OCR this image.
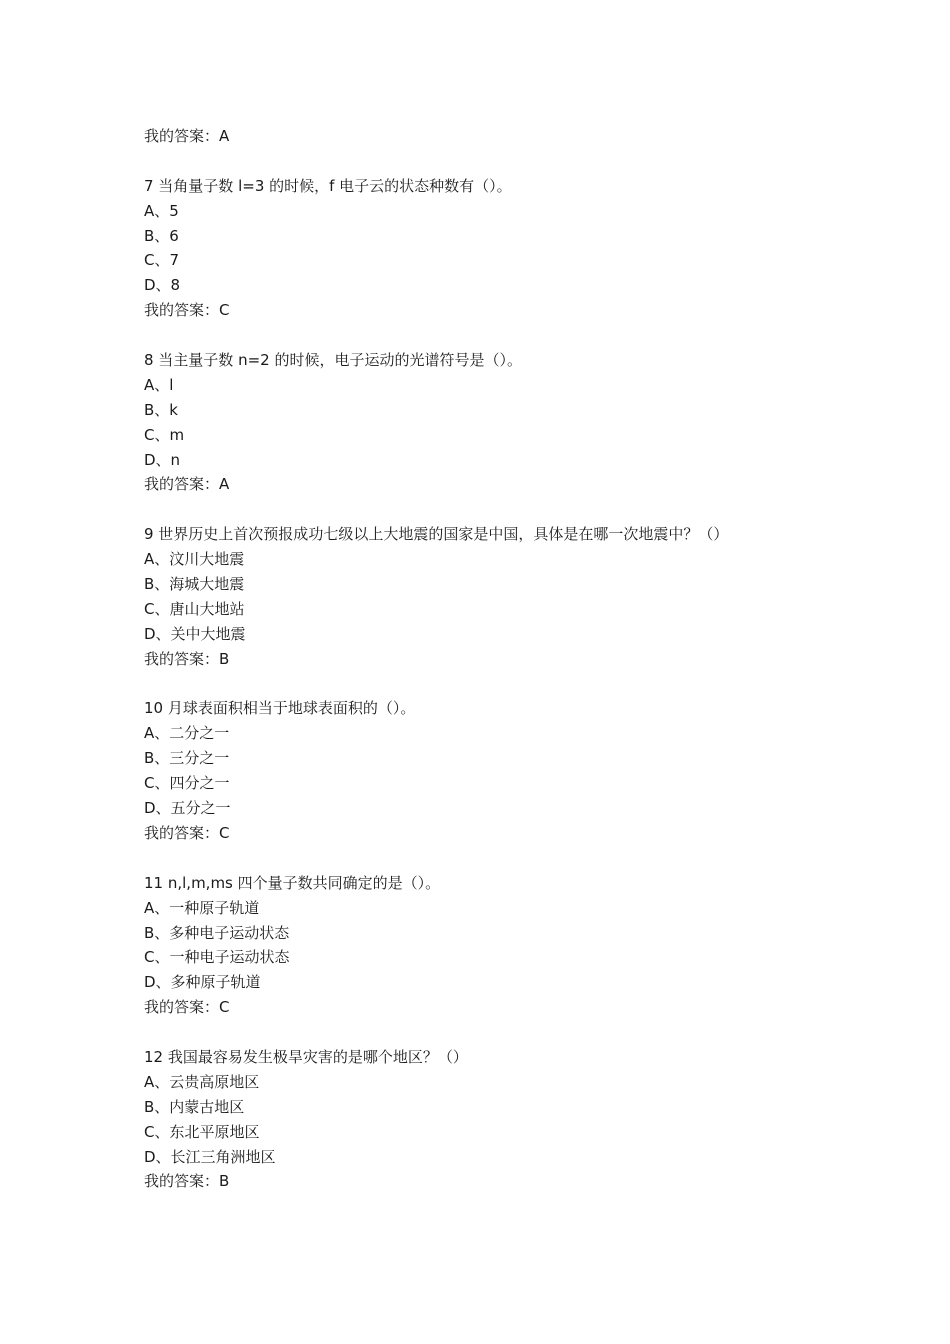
我的答案：A
7 当角量子数 l=3 的时候，f 电子云的状态种数有（）。
A、5
B、6
C、7
D、8
我的答案：C
8 当主量子数 n=2 的时候，电子运动的光谱符号是（）。
A、l
B、k
C、m
D、n
我的答案：A
9 世界历史上首次预报成功七级以上大地震的国家是中国，具体是在哪一次地震中？（）
A、汶川大地震
B、海城大地震
C、唐山大地站
D、关中大地震
我的答案：B
10 月球表面积相当于地球表面积的（）。
A、二分之一
B、三分之一
C、四分之一
D、五分之一
我的答案：C
11 n,l,m,ms 四个量子数共同确定的是（）。
A、一种原子轨道
B、多种电子运动状态
C、一种电子运动状态
D、多种原子轨道
我的答案：C
12 我国最容易发生极旱灾害的是哪个地区？（）
A、云贵高原地区
B、内蒙古地区
C、东北平原地区
D、长江三角洲地区
我的答案：B
